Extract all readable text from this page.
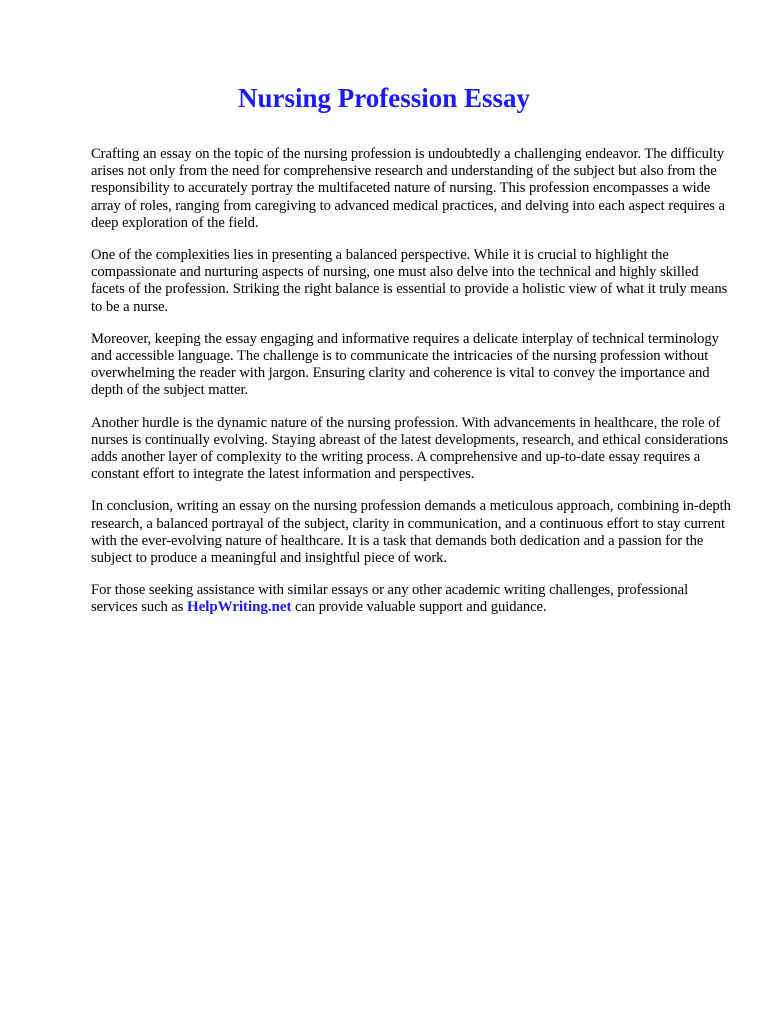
Nursing Profession Essay

Crafting an essay on the topic of the nursing profession is undoubtedly a challenging endeavor. The difficulty arises not only from the need for comprehensive research and understanding of the subject but also from the responsibility to accurately portray the multifaceted nature of nursing. This profession encompasses a wide array of roles, ranging from caregiving to advanced medical practices, and delving into each aspect requires a deep exploration of the field.

One of the complexities lies in presenting a balanced perspective. While it is crucial to highlight the compassionate and nurturing aspects of nursing, one must also delve into the technical and highly skilled facets of the profession. Striking the right balance is essential to provide a holistic view of what it truly means to be a nurse.

Moreover, keeping the essay engaging and informative requires a delicate interplay of technical terminology and accessible language. The challenge is to communicate the intricacies of the nursing profession without overwhelming the reader with jargon. Ensuring clarity and coherence is vital to convey the importance and depth of the subject matter.

Another hurdle is the dynamic nature of the nursing profession. With advancements in healthcare, the role of nurses is continually evolving. Staying abreast of the latest developments, research, and ethical considerations adds another layer of complexity to the writing process. A comprehensive and up-to-date essay requires a constant effort to integrate the latest information and perspectives.

In conclusion, writing an essay on the nursing profession demands a meticulous approach, combining in-depth research, a balanced portrayal of the subject, clarity in communication, and a continuous effort to stay current with the ever-evolving nature of healthcare. It is a task that demands both dedication and a passion for the subject to produce a meaningful and insightful piece of work.

For those seeking assistance with similar essays or any other academic writing challenges, professional services such as HelpWriting.net can provide valuable support and guidance.
